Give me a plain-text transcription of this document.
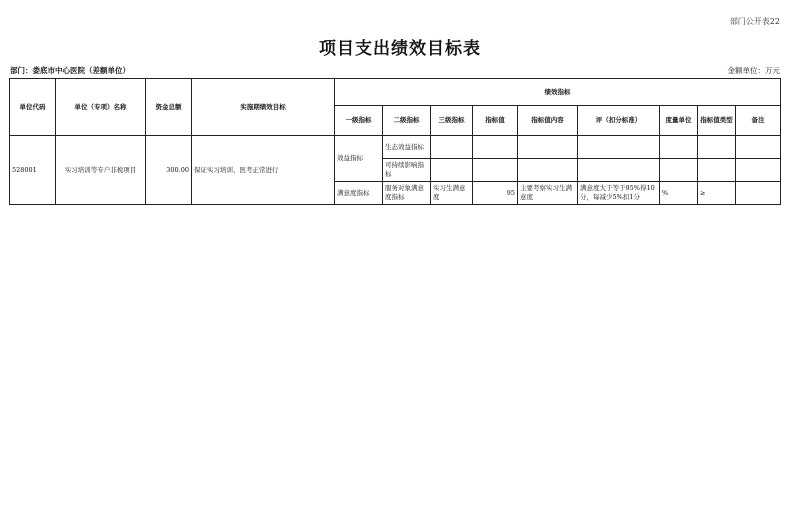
部门公开表22
项目支出绩效目标表
部门：娄底市中心医院（差额单位）	金额单位：万元
单位代码	单位（专项）名称	资金总额	实施期绩效目标	绩效指标								
				一级指标	二级指标	三级指标	指标值	指标值内容	评（扣分标准）	度量单位	指标值类型	备注
528001	实习培训等专户非税项目	300.00	保证实习培训、医考正常进行	效益指标	生态效益指标							
					可持续影响指标							
				满意度指标	服务对象满意度指标	实习生满意度	95	主要考察实习生满意度	满意度大于等于95%得10分，每减少5%扣1分	%	≥	
